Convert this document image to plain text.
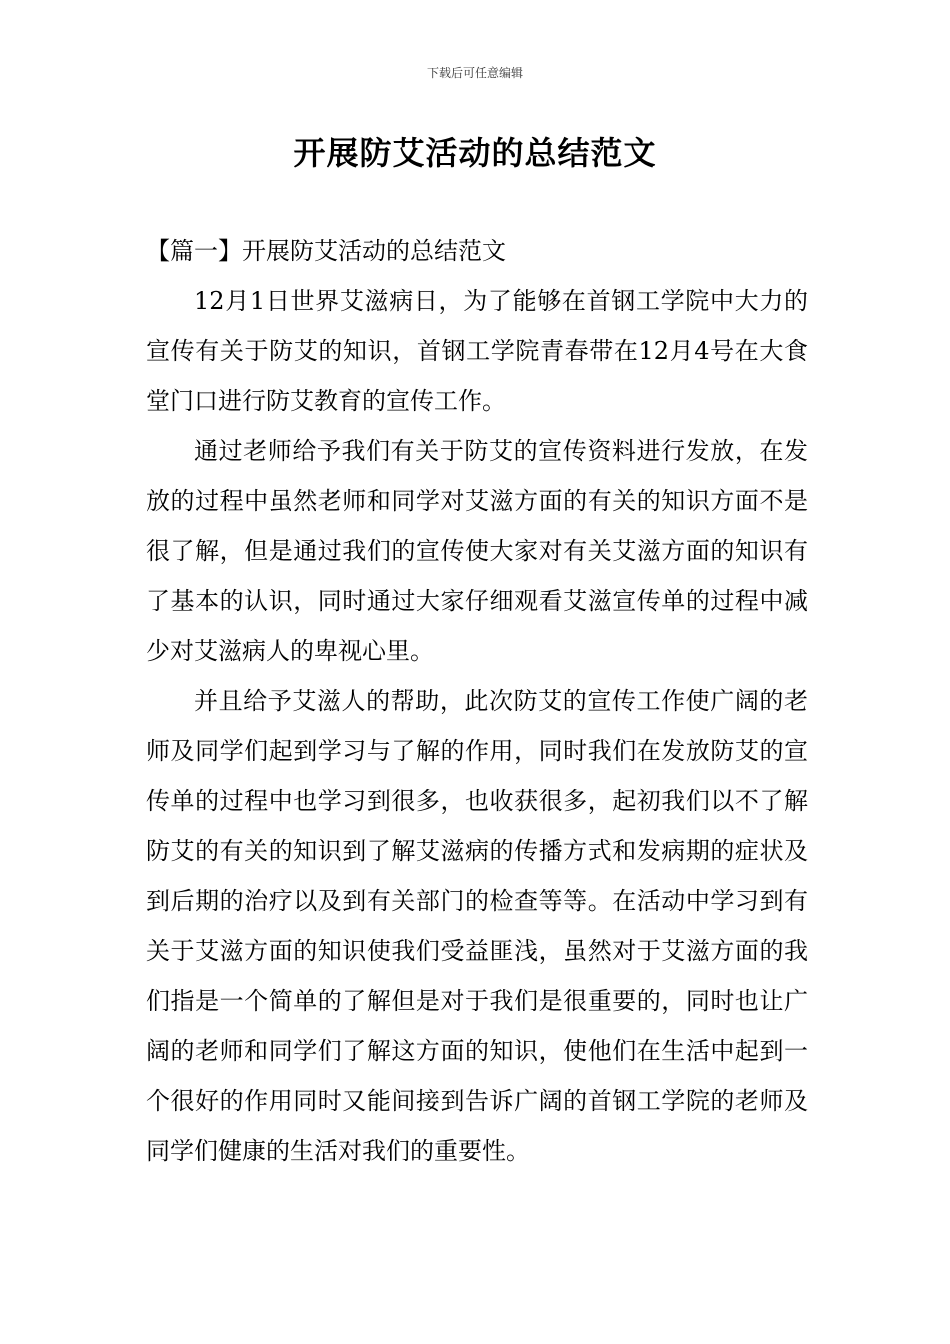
下载后可任意编辑
开展防艾活动的总结范文

【篇一】开展防艾活动的总结范文

12月1日世界艾滋病日，为了能够在首钢工学院中大力的宣传有关于防艾的知识，首钢工学院青春带在12月4号在大食堂门口进行防艾教育的宣传工作。

通过老师给予我们有关于防艾的宣传资料进行发放，在发放的过程中虽然老师和同学对艾滋方面的有关的知识方面不是很了解，但是通过我们的宣传使大家对有关艾滋方面的知识有了基本的认识，同时通过大家仔细观看艾滋宣传单的过程中减少对艾滋病人的卑视心里。

并且给予艾滋人的帮助，此次防艾的宣传工作使广阔的老师及同学们起到学习与了解的作用，同时我们在发放防艾的宣传单的过程中也学习到很多，也收获很多，起初我们以不了解防艾的有关的知识到了解艾滋病的传播方式和发病期的症状及到后期的治疗以及到有关部门的检查等等。在活动中学习到有关于艾滋方面的知识使我们受益匪浅，虽然对于艾滋方面的我们指是一个简单的了解但是对于我们是很重要的，同时也让广阔的老师和同学们了解这方面的知识，使他们在生活中起到一个很好的作用同时又能间接到告诉广阔的首钢工学院的老师及同学们健康的生活对我们的重要性。
